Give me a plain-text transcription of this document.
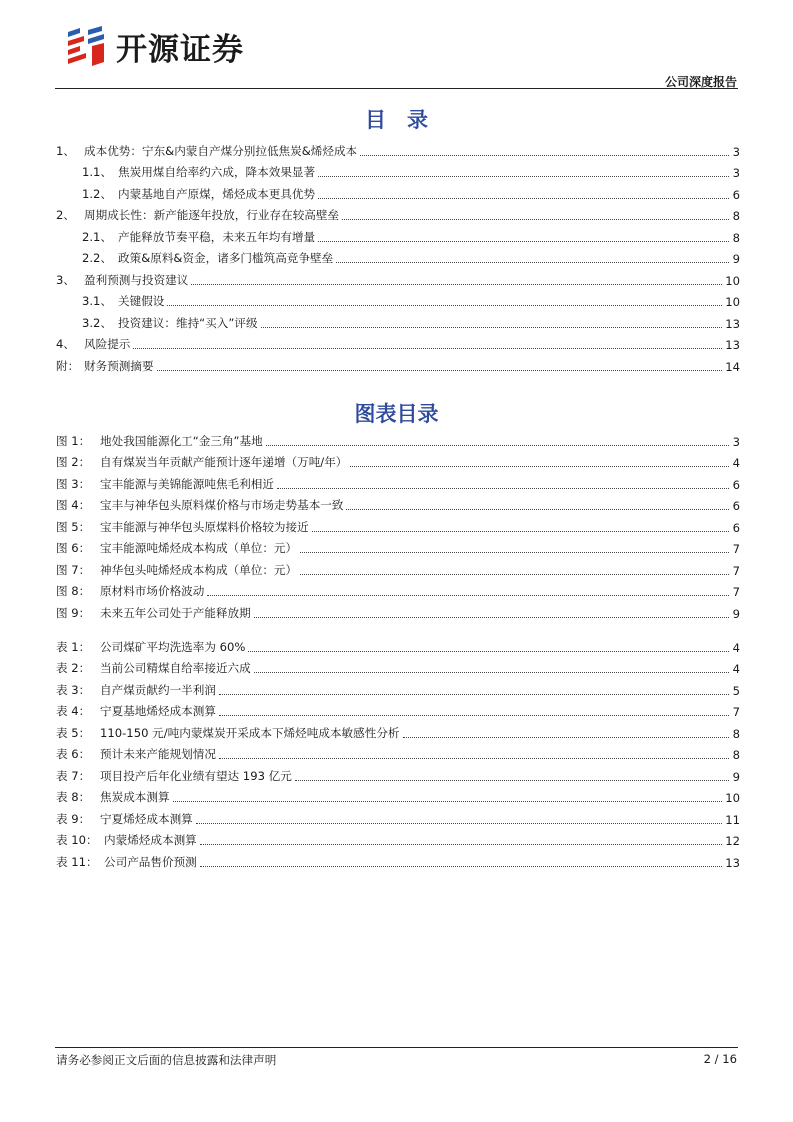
开源证券
公司深度报告
目　录
1、 成本优势：宁东&内蒙自产煤分别拉低焦炭&烯烃成本	3
1.1、 焦炭用煤自给率约六成，降本效果显著	3
1.2、 内蒙基地自产原煤，烯烃成本更具优势	6
2、 周期成长性：新产能逐年投放，行业存在较高壁垒	8
2.1、 产能释放节奏平稳，未来五年均有增量	8
2.2、 政策&原料&资金，诸多门槛筑高竞争壁垒	9
3、 盈利预测与投资建议	10
3.1、 关键假设	10
3.2、 投资建议：维持“买入”评级	13
4、 风险提示	13
附： 财务预测摘要	14
图表目录
图 1： 地处我国能源化工“金三角”基地	3
图 2： 自有煤炭当年贡献产能预计逐年递增（万吨/年）	4
图 3： 宝丰能源与美锦能源吨焦毛利相近	6
图 4： 宝丰与神华包头原料煤价格与市场走势基本一致	6
图 5： 宝丰能源与神华包头原煤料价格较为接近	6
图 6： 宝丰能源吨烯烃成本构成（单位：元）	7
图 7： 神华包头吨烯烃成本构成（单位：元）	7
图 8： 原材料市场价格波动	7
图 9： 未来五年公司处于产能释放期	9
表 1： 公司煤矿平均洗选率为 60%	4
表 2： 当前公司精煤自给率接近六成	4
表 3： 自产煤贡献约一半利润	5
表 4： 宁夏基地烯烃成本测算	7
表 5： 110-150 元/吨内蒙煤炭开采成本下烯烃吨成本敏感性分析	8
表 6： 预计未来产能规划情况	8
表 7： 项目投产后年化业绩有望达 193 亿元	9
表 8： 焦炭成本测算	10
表 9： 宁夏烯烃成本测算	11
表 10： 内蒙烯烃成本测算	12
表 11： 公司产品售价预测	13
请务必参阅正文后面的信息披露和法律声明	2 / 16
